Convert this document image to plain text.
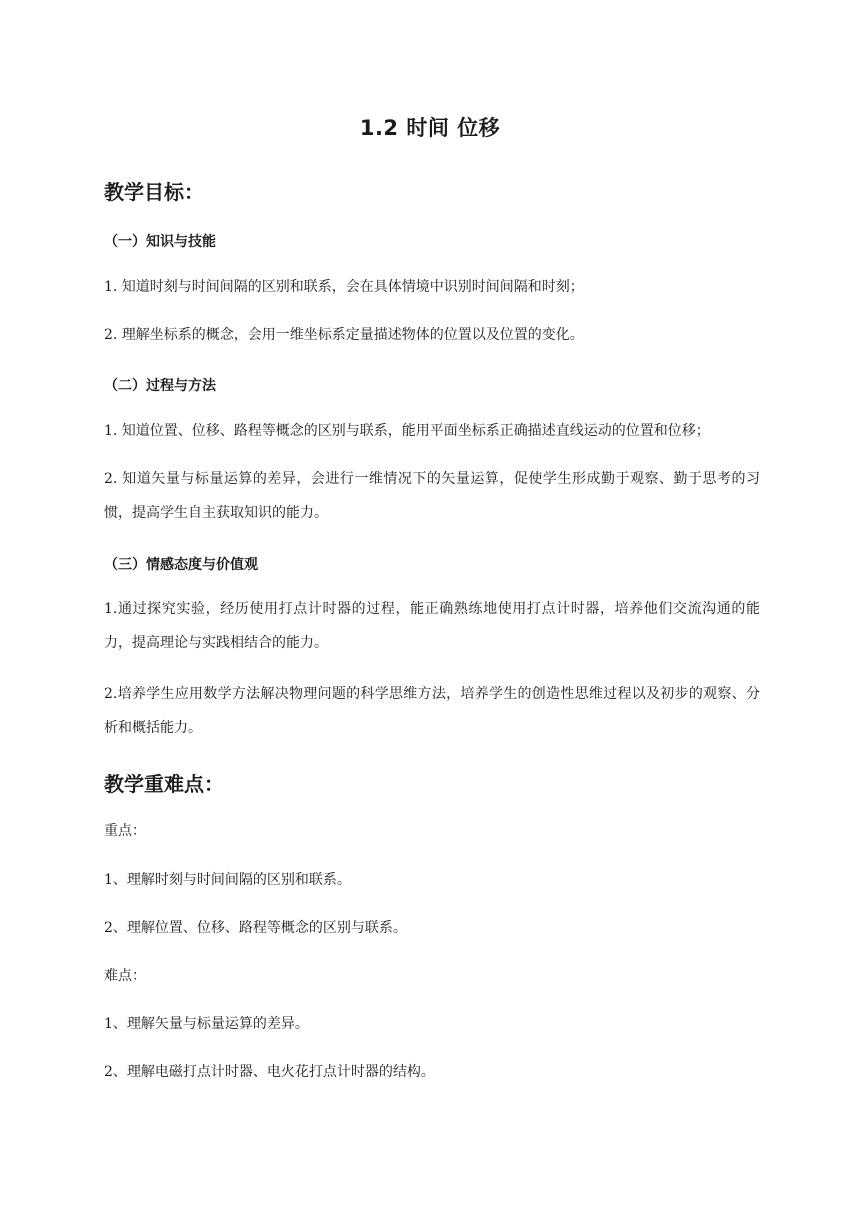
1.2 时间 位移
教学目标：
（一）知识与技能
1. 知道时刻与时间间隔的区别和联系，会在具体情境中识别时间间隔和时刻；
2. 理解坐标系的概念，会用一维坐标系定量描述物体的位置以及位置的变化。
（二）过程与方法
1. 知道位置、位移、路程等概念的区别与联系，能用平面坐标系正确描述直线运动的位置和位移；
2. 知道矢量与标量运算的差异，会进行一维情况下的矢量运算，促使学生形成勤于观察、勤于思考的习惯，提高学生自主获取知识的能力。
（三）情感态度与价值观
1.通过探究实验，经历使用打点计时器的过程，能正确熟练地使用打点计时器，培养他们交流沟通的能力，提高理论与实践相结合的能力。
2.培养学生应用数学方法解决物理问题的科学思维方法，培养学生的创造性思维过程以及初步的观察、分析和概括能力。
教学重难点：
重点：
1、理解时刻与时间间隔的区别和联系。
2、理解位置、位移、路程等概念的区别与联系。
难点：
1、理解矢量与标量运算的差异。
2、理解电磁打点计时器、电火花打点计时器的结构。
